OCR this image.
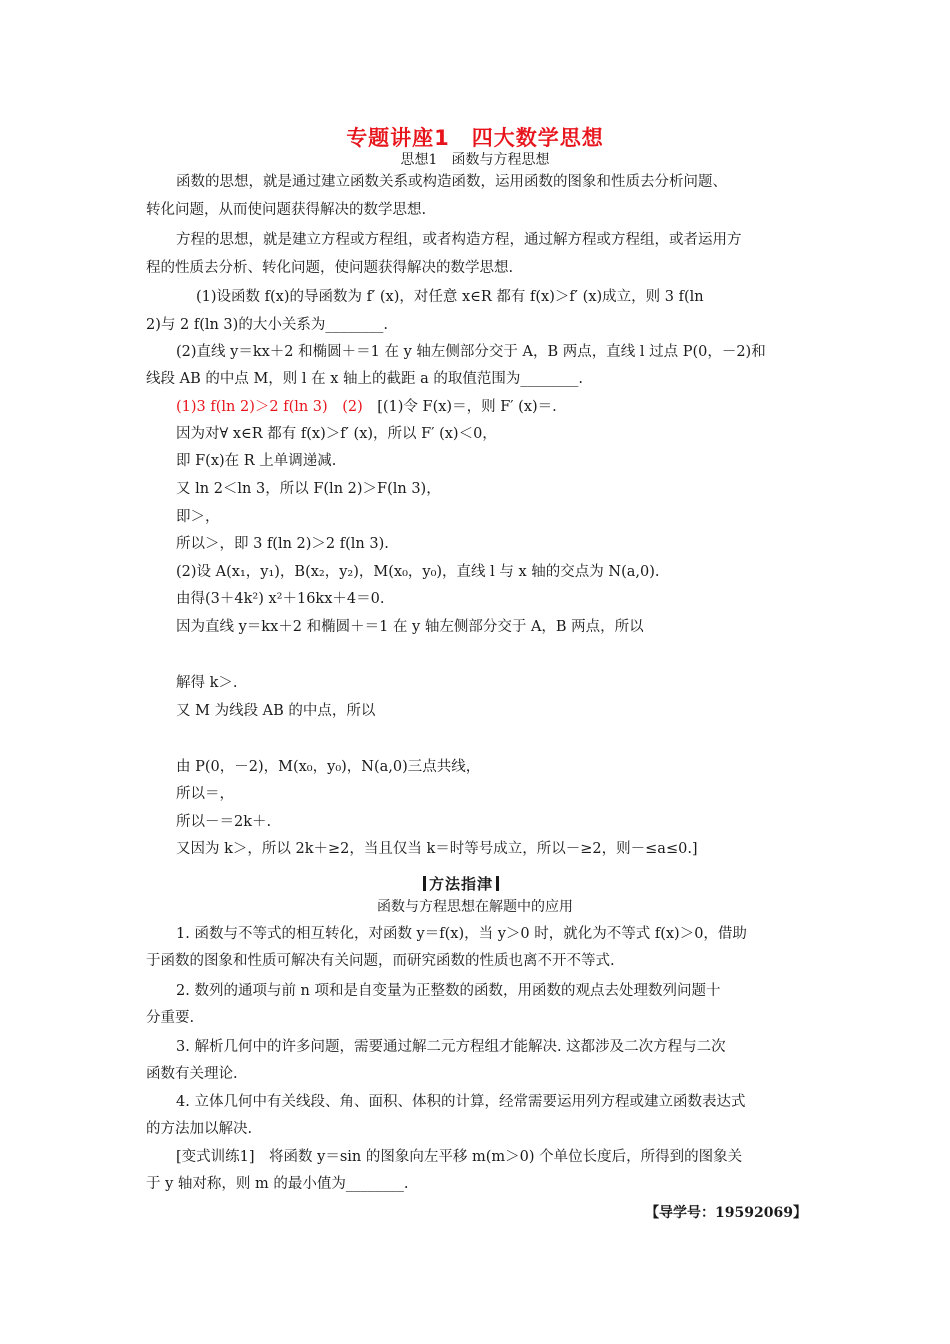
专题讲座1　四大数学思想
思想1　函数与方程思想
函数的思想，就是通过建立函数关系或构造函数，运用函数的图象和性质去分析问题、
转化问题，从而使问题获得解决的数学思想.
方程的思想，就是建立方程或方程组，或者构造方程，通过解方程或方程组，或者运用方
程的性质去分析、转化问题，使问题获得解决的数学思想.
(1)设函数 f(x)的导函数为 f′ (x)，对任意 x∈R 都有 f(x)＞f′ (x)成立，则 3 f(ln
2)与 2 f(ln 3)的大小关系为________.
(2)直线 y＝kx＋2 和椭圆＋＝1 在 y 轴左侧部分交于 A，B 两点，直线 l 过点 P(0，－2)和
线段 AB 的中点 M，则 l 在 x 轴上的截距 a 的取值范围为________.
(1)3 f(ln 2)＞2 f(ln 3)　(2)　[(1)令 F(x)＝，则 F′ (x)＝.
因为对∀ x∈R 都有 f(x)＞f′ (x)，所以 F′ (x)＜0，
即 F(x)在 R 上单调递减.
又 ln 2＜ln 3，所以 F(ln 2)＞F(ln 3)，
即＞，
所以＞，即 3 f(ln 2)＞2 f(ln 3).
(2)设 A(x₁，y₁)，B(x₂，y₂)，M(x₀，y₀)，直线 l 与 x 轴的交点为 N(a,0).
由得(3＋4k²) x²＋16kx＋4＝0.
因为直线 y＝kx＋2 和椭圆＋＝1 在 y 轴左侧部分交于 A，B 两点，所以
解得 k＞.
又 M 为线段 AB 的中点，所以
由 P(0，－2)，M(x₀，y₀)，N(a,0)三点共线，
所以＝，
所以－＝2k＋.
又因为 k＞，所以 2k＋≥2，当且仅当 k＝时等号成立，所以－≥2，则－≤a≤0.]
方法指津
函数与方程思想在解题中的应用
1. 函数与不等式的相互转化，对函数 y＝f(x)，当 y＞0 时，就化为不等式 f(x)＞0，借助
于函数的图象和性质可解决有关问题，而研究函数的性质也离不开不等式.
2. 数列的通项与前 n 项和是自变量为正整数的函数，用函数的观点去处理数列问题十
分重要.
3. 解析几何中的许多问题，需要通过解二元方程组才能解决. 这都涉及二次方程与二次
函数有关理论.
4. 立体几何中有关线段、角、面积、体积的计算，经常需要运用列方程或建立函数表达式
的方法加以解决.
[变式训练1]　将函数 y＝sin 的图象向左平移 m(m＞0) 个单位长度后，所得到的图象关
于 y 轴对称，则 m 的最小值为________.
【导学号：19592069】
